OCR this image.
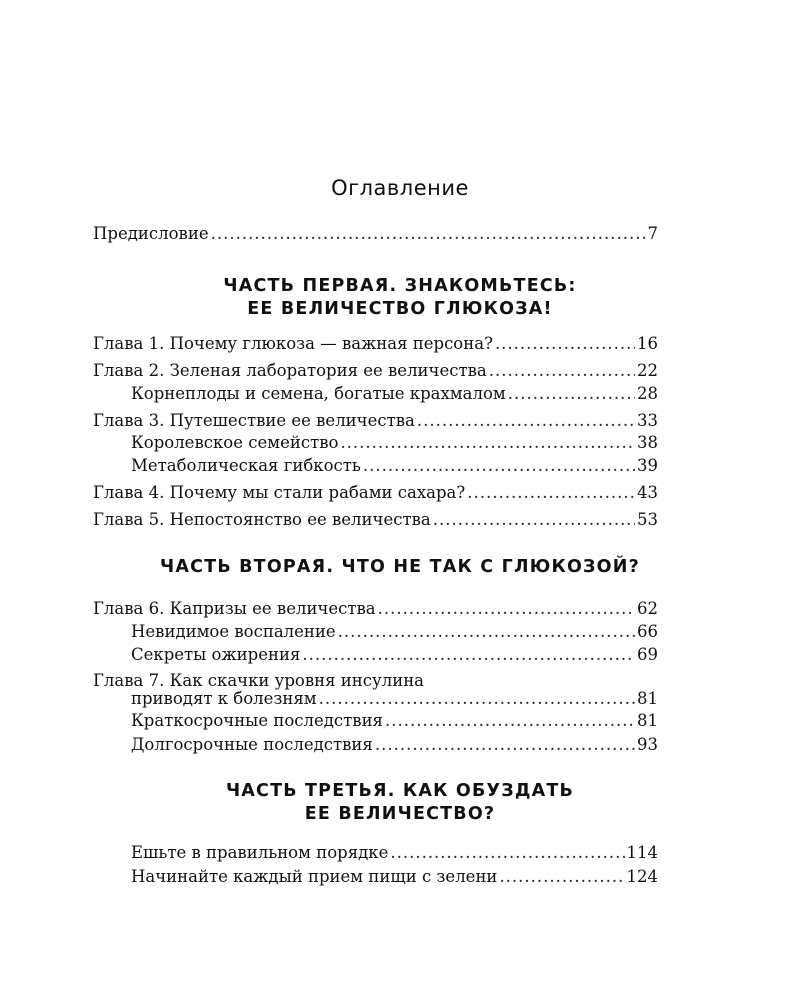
Оглавление
Предисловие .....	7
ЧАСТЬ ПЕРВАЯ. ЗНАКОМЬТЕСЬ:
ЕЕ ВЕЛИЧЕСТВО ГЛЮКОЗА!
Глава 1. Почему глюкоза — важная персона? .....	16
Глава 2. Зеленая лаборатория ее величества .....	22
Корнеплоды и семена, богатые крахмалом .....	28
Глава 3. Путешествие ее величества .....	33
Королевское семейство .....	38
Метаболическая гибкость .....	39
Глава 4. Почему мы стали рабами сахара? .....	43
Глава 5. Непостоянство ее величества .....	53
ЧАСТЬ ВТОРАЯ. ЧТО НЕ ТАК С ГЛЮКОЗОЙ?
Глава 6. Капризы ее величества .....	62
Невидимое воспаление .....	66
Секреты ожирения .....	69
Глава 7. Как скачки уровня инсулина
приводят к болезням .....	81
Краткосрочные последствия .....	81
Долгосрочные последствия .....	93
ЧАСТЬ ТРЕТЬЯ. КАК ОБУЗДАТЬ
ЕЕ ВЕЛИЧЕСТВО?
Ешьте в правильном порядке .....	114
Начинайте каждый прием пищи с зелени .....	124
